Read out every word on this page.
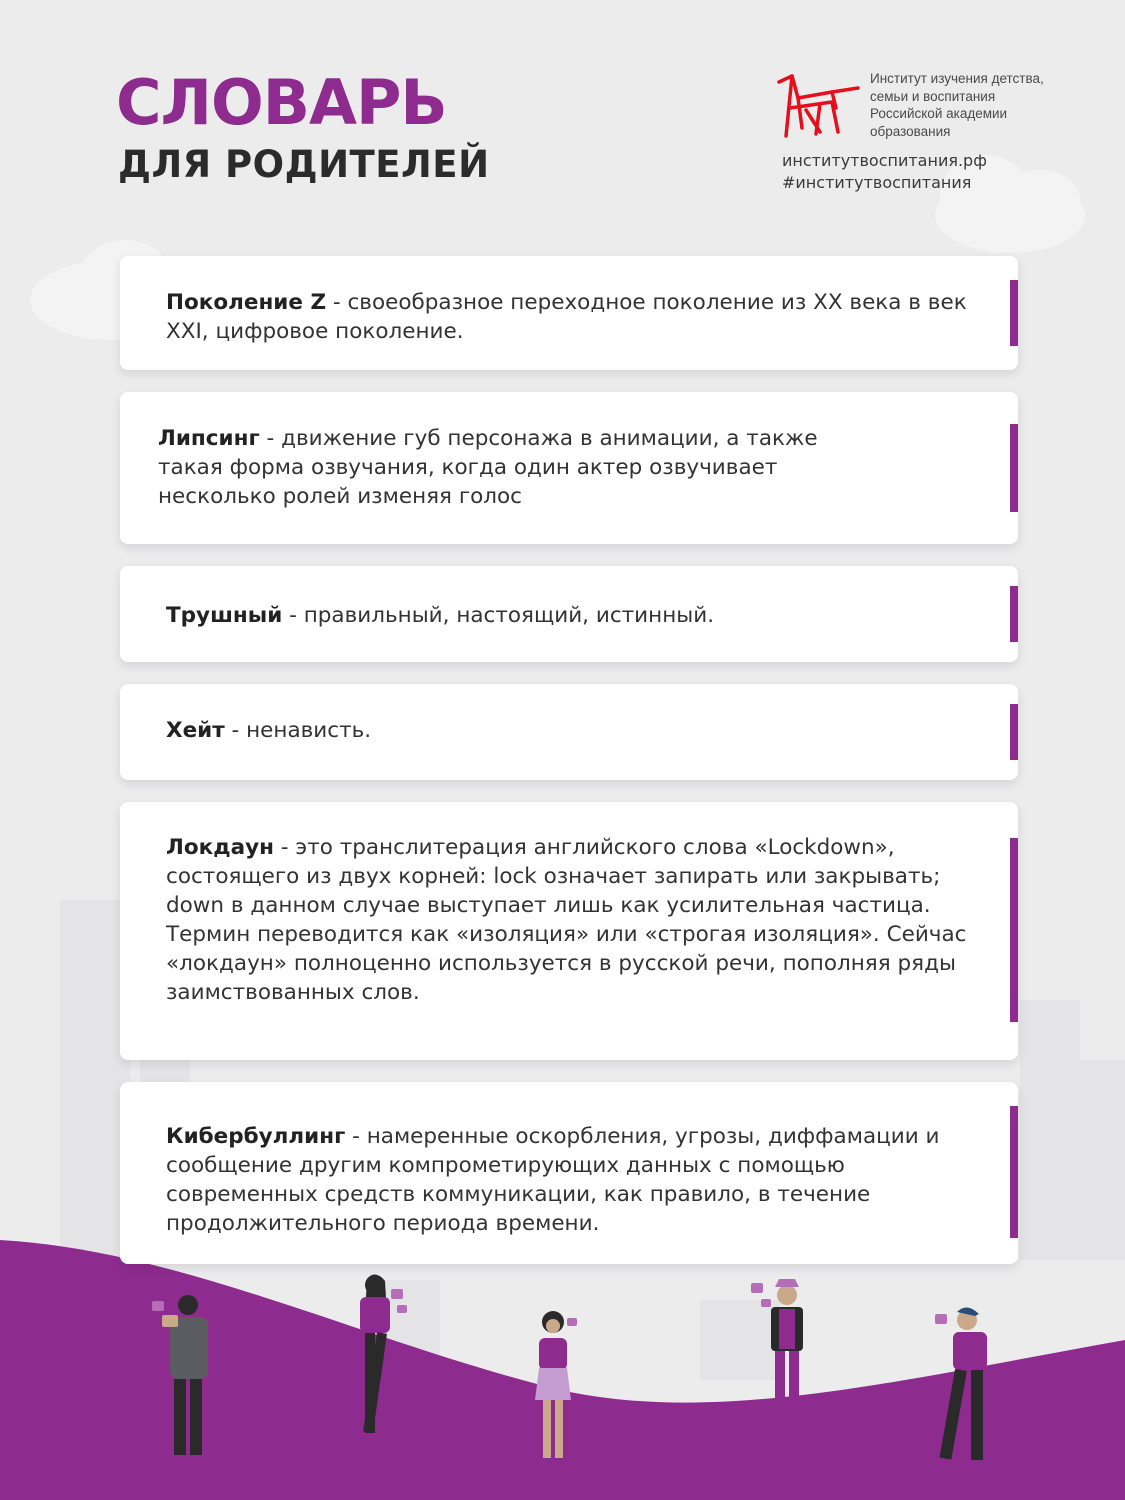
СЛОВАРЬ
ДЛЯ РОДИТЕЛЕЙ
Институт изучения детства,
семьи и воспитания
Российской академии
образования
институтвоспитания.рф
#институтвоспитания

Поколение Z - своеобразное переходное поколение из XX века в век XXI, цифровое поколение.

Липсинг - движение губ персонажа в анимации, а также такая форма озвучания, когда один актер озвучивает несколько ролей изменяя голос

Трушный - правильный, настоящий, истинный.

Хейт - ненависть.

Локдаун - это транслитерация английского слова «Lockdown», состоящего из двух корней: lock означает запирать или закрывать; down в данном случае выступает лишь как усилительная частица. Термин переводится как «изоляция» или «строгая изоляция». Сейчас «локдаун» полноценно используется в русской речи, пополняя ряды заимствованных слов.

Кибербуллинг - намеренные оскорбления, угрозы, диффамации и сообщение другим компрометирующих данных с помощью современных средств коммуникации, как правило, в течение продолжительного периода времени.
